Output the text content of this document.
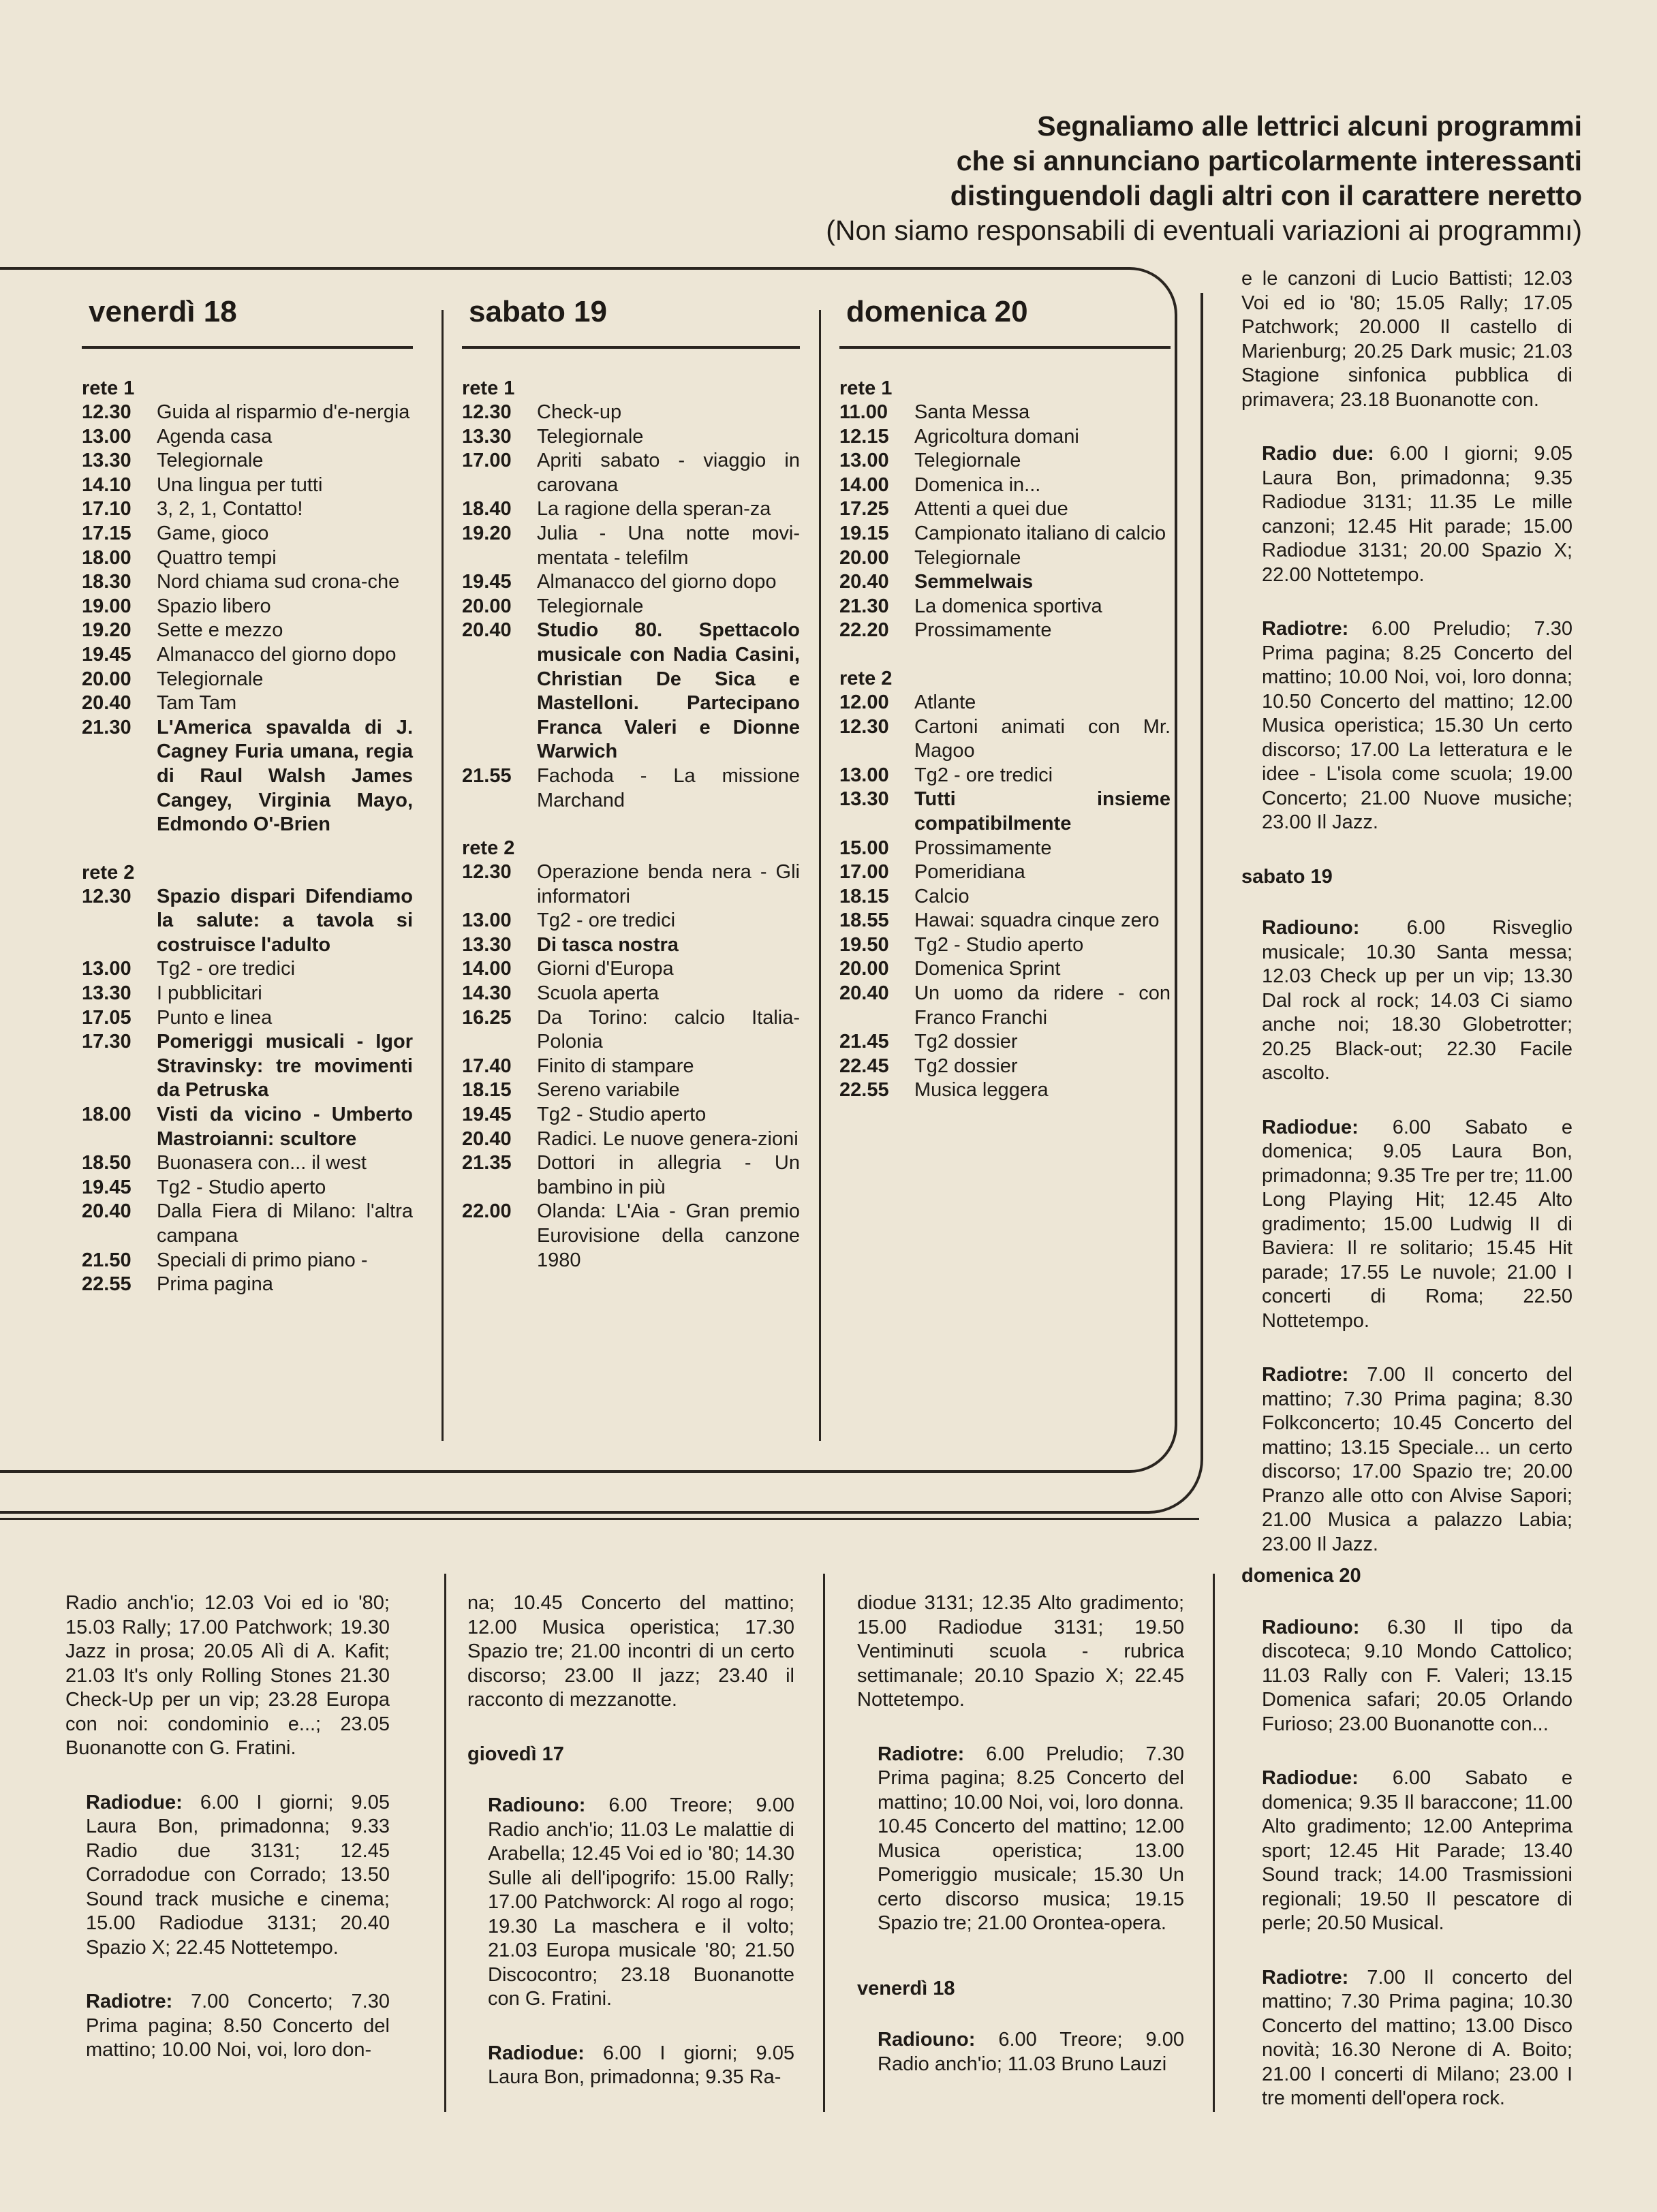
Segnaliamo alle lettrici alcuni programmi
che si annunciano particolarmente interessanti
distinguendoli dagli altri con il carattere neretto
(Non siamo responsabili di eventuali variazioni ai programmı)
venerdì 18
rete 1
12.30	Guida al risparmio d'e-nergia
13.00	Agenda casa
13.30	Telegiornale
14.10	Una lingua per tutti
17.10	3, 2, 1, Contatto!
17.15	Game, gioco
18.00	Quattro tempi
18.30	Nord chiama sud crona-che
19.00	Spazio libero
19.20	Sette e mezzo
19.45	Almanacco del giorno dopo
20.00	Telegiornale
20.40	Tam Tam
21.30	L'America spavalda di J. Cagney Furia umana, regia di Raul Walsh James Cangey, Virginia Mayo, Edmondo O'-Brien
rete 2
12.30	Spazio dispari Difendiamo la salute: a tavola si costruisce l'adulto
13.00	Tg2 - ore tredici
13.30	I pubblicitari
17.05	Punto e linea
17.30	Pomeriggi musicali - Igor Stravinsky: tre movimenti da Petruska
18.00	Visti da vicino - Umberto Mastroianni: scultore
18.50	Buonasera con... il west
19.45	Tg2 - Studio aperto
20.40	Dalla Fiera di Milano: l'altra campana
21.50	Speciali di primo piano -
22.55	Prima pagina
sabato 19
rete 1
12.30	Check-up
13.30	Telegiornale
17.00	Apriti sabato - viaggio in carovana
18.40	La ragione della speran-za
19.20	Julia - Una notte movi-mentata - telefilm
19.45	Almanacco del giorno dopo
20.00	Telegiornale
20.40	Studio 80. Spettacolo musicale con Nadia Casini, Christian De Sica e Mastelloni. Partecipano Franca Valeri e Dionne Warwich
21.55	Fachoda - La missione Marchand
rete 2
12.30	Operazione benda nera - Gli informatori
13.00	Tg2 - ore tredici
13.30	Di tasca nostra
14.00	Giorni d'Europa
14.30	Scuola aperta
16.25	Da Torino: calcio Italia-Polonia
17.40	Finito di stampare
18.15	Sereno variabile
19.45	Tg2 - Studio aperto
20.40	Radici. Le nuove genera-zioni
21.35	Dottori in allegria - Un bambino in più
22.00	Olanda: L'Aia - Gran premio Eurovisione della canzone 1980
domenica 20
rete 1
11.00	Santa Messa
12.15	Agricoltura domani
13.00	Telegiornale
14.00	Domenica in...
17.25	Attenti a quei due
19.15	Campionato italiano di calcio
20.00	Telegiornale
20.40	Semmelwais
21.30	La domenica sportiva
22.20	Prossimamente
rete 2
12.00	Atlante
12.30	Cartoni animati con Mr. Magoo
13.00	Tg2 - ore tredici
13.30	Tutti insieme compatibilmente
15.00	Prossimamente
17.00	Pomeridiana
18.15	Calcio
18.55	Hawai: squadra cinque zero
19.50	Tg2 - Studio aperto
20.00	Domenica Sprint
20.40	Un uomo da ridere - con Franco Franchi
21.45	Tg2 dossier
22.45	Tg2 dossier
22.55	Musica leggera

e le canzoni di Lucio Battisti; 12.03 Voi ed io '80; 15.05 Rally; 17.05 Patchwork; 20.000 Il castello di Marienburg; 20.25 Dark music; 21.03 Stagione sinfonica pubblica di primavera; 23.18 Buonanotte con.

Radio due: 6.00 I giorni; 9.05 Laura Bon, primadonna; 9.35 Radiodue 3131; 11.35 Le mille canzoni; 12.45 Hit parade; 15.00 Radiodue 3131; 20.00 Spazio X; 22.00 Nottetempo.

Radiotre: 6.00 Preludio; 7.30 Prima pagina; 8.25 Concerto del mattino; 10.00 Noi, voi, loro donna; 10.50 Concerto del mattino; 12.00 Musica operistica; 15.30 Un certo discorso; 17.00 La letteratura e le idee - L'isola come scuola; 19.00 Concerto; 21.00 Nuove musiche; 23.00 Il Jazz.

sabato 19

Radiouno: 6.00 Risveglio musicale; 10.30 Santa messa; 12.03 Check up per un vip; 13.30 Dal rock al rock; 14.03 Ci siamo anche noi; 18.30 Globetrotter; 20.25 Black-out; 22.30 Facile ascolto.

Radiodue: 6.00 Sabato e domenica; 9.05 Laura Bon, primadonna; 9.35 Tre per tre; 11.00 Long Playing Hit; 12.45 Alto gradimento; 15.00 Ludwig II di Baviera: Il re solitario; 15.45 Hit parade; 17.55 Le nuvole; 21.00 I concerti di Roma; 22.50 Nottetempo.

Radiotre: 7.00 Il concerto del mattino; 7.30 Prima pagina; 8.30 Folkconcerto; 10.45 Concerto del mattino; 13.15 Speciale... un certo discorso; 17.00 Spazio tre; 20.00 Pranzo alle otto con Alvise Sapori; 21.00 Musica a palazzo Labia; 23.00 Il Jazz.

domenica 20

Radiouno: 6.30 Il tipo da discoteca; 9.10 Mondo Cattolico; 11.03 Rally con F. Valeri; 13.15 Domenica safari; 20.05 Orlando Furioso; 23.00 Buonanotte con...

Radiodue: 6.00 Sabato e domenica; 9.35 Il baraccone; 11.00 Alto gradimento; 12.00 Anteprima sport; 12.45 Hit Parade; 13.40 Sound track; 14.00 Trasmissioni regionali; 19.50 Il pescatore di perle; 20.50 Musical.

Radiotre: 7.00 Il concerto del mattino; 7.30 Prima pagina; 10.30 Concerto del mattino; 13.00 Disco novità; 16.30 Nerone di A. Boito; 21.00 I concerti di Milano; 23.00 I tre momenti dell'opera rock.

Radio anch'io; 12.03 Voi ed io '80; 15.03 Rally; 17.00 Patchwork; 19.30 Jazz in prosa; 20.05 Alì di A. Kafit; 21.03 It's only Rolling Stones 21.30 Check-Up per un vip; 23.28 Europa con noi: condominio e...; 23.05 Buonanotte con G. Fratini.

Radiodue: 6.00 I giorni; 9.05 Laura Bon, primadonna; 9.33 Radio due 3131; 12.45 Corradodue con Corrado; 13.50 Sound track musiche e cinema; 15.00 Radiodue 3131; 20.40 Spazio X; 22.45 Nottetempo.

Radiotre: 7.00 Concerto; 7.30 Prima pagina; 8.50 Concerto del mattino; 10.00 Noi, voi, loro don-

na; 10.45 Concerto del mattino; 12.00 Musica operistica; 17.30 Spazio tre; 21.00 incontri di un certo discorso; 23.00 Il jazz; 23.40 il racconto di mezzanotte.

giovedì 17

Radiouno: 6.00 Treore; 9.00 Radio anch'io; 11.03 Le malattie di Arabella; 12.45 Voi ed io '80; 14.30 Sulle ali dell'ipogrifo: 15.00 Rally; 17.00 Patchworck: Al rogo al rogo; 19.30 La maschera e il volto; 21.03 Europa musicale '80; 21.50 Discocontro; 23.18 Buonanotte con G. Fratini.

Radiodue: 6.00 I giorni; 9.05 Laura Bon, primadonna; 9.35 Ra-

diodue 3131; 12.35 Alto gradimento; 15.00 Radiodue 3131; 19.50 Ventiminuti scuola - rubrica settimanale; 20.10 Spazio X; 22.45 Nottetempo.

Radiotre: 6.00 Preludio; 7.30 Prima pagina; 8.25 Concerto del mattino; 10.00 Noi, voi, loro donna. 10.45 Concerto del mattino; 12.00 Musica operistica; 13.00 Pomeriggio musicale; 15.30 Un certo discorso musica; 19.15 Spazio tre; 21.00 Orontea-opera.

venerdì 18

Radiouno: 6.00 Treore; 9.00 Radio anch'io; 11.03 Bruno Lauzi
